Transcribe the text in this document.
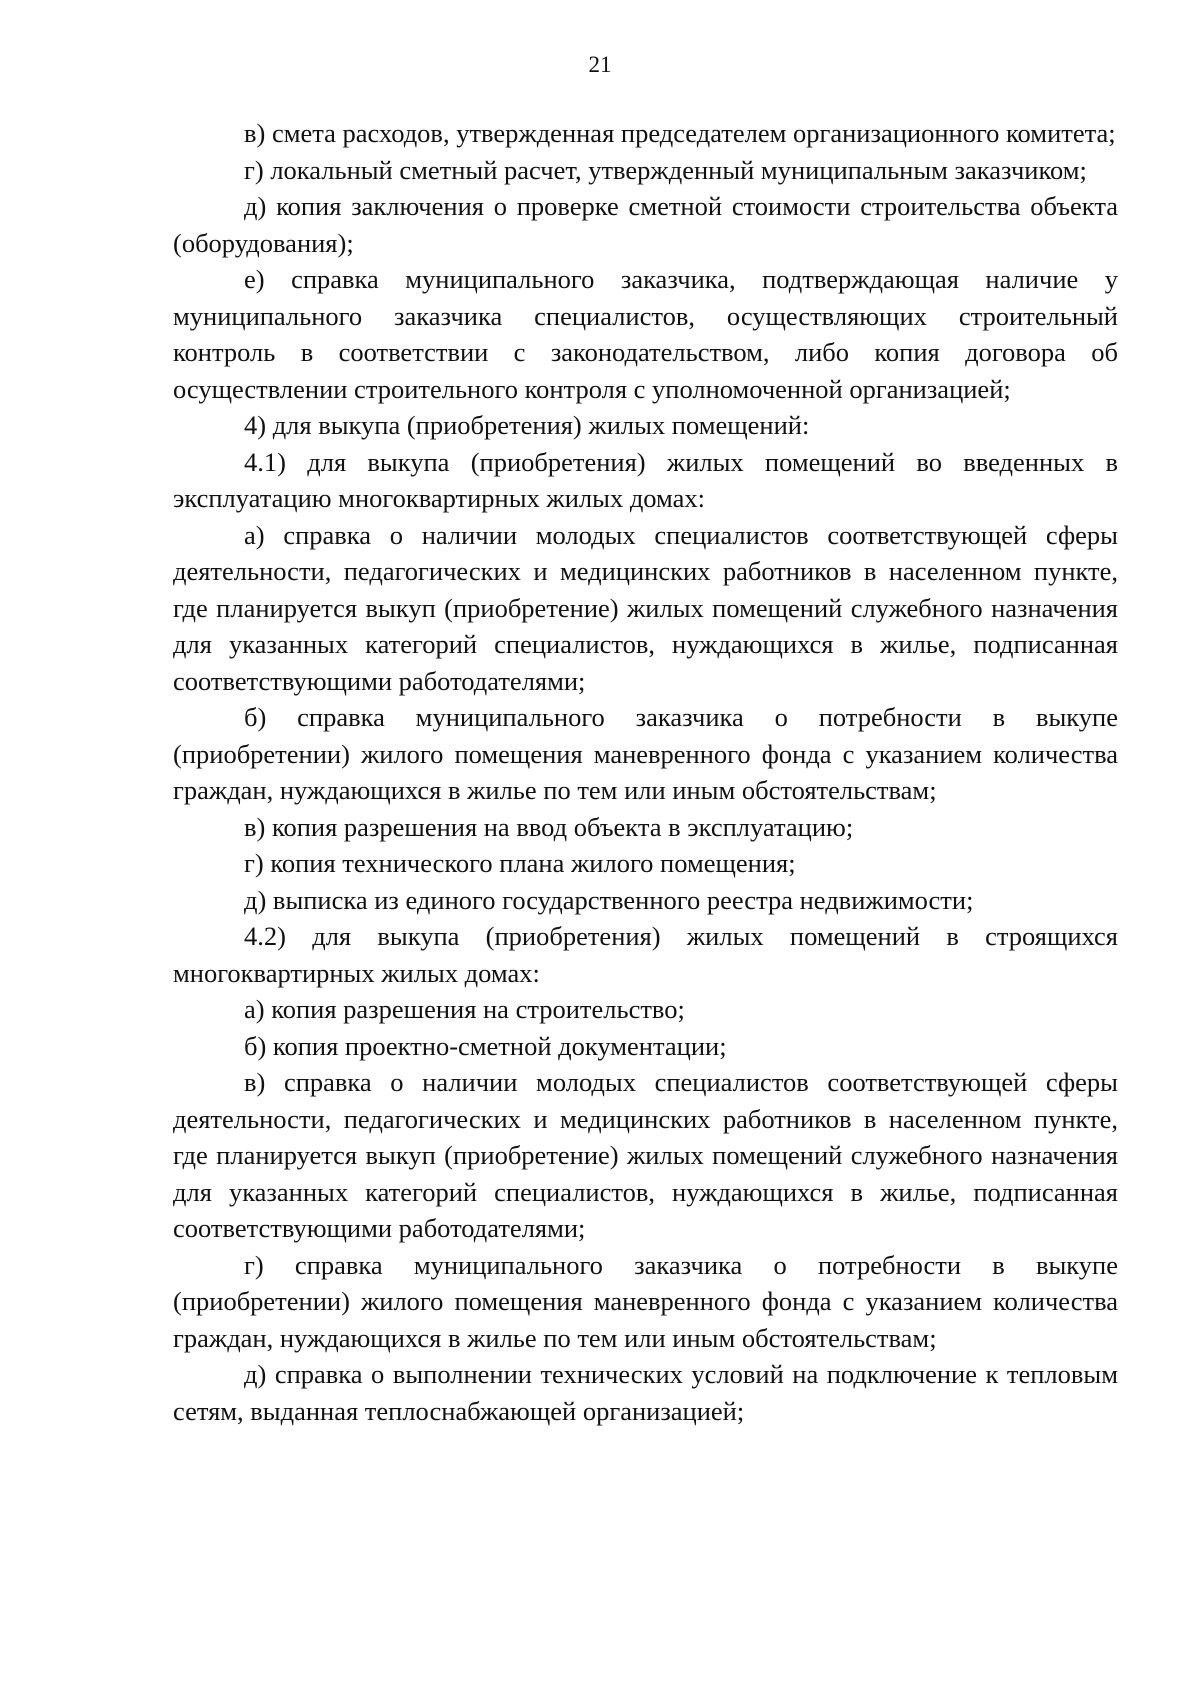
21

в) смета расходов, утвержденная председателем организационного комитета;

г) локальный сметный расчет, утвержденный муниципальным заказчиком;

д) копия заключения о проверке сметной стоимости строительства объекта (оборудования);

е) справка муниципального заказчика, подтверждающая наличие у муниципального заказчика специалистов, осуществляющих строительный контроль в соответствии с законодательством, либо копия договора об осуществлении строительного контроля с уполномоченной организацией;

4) для выкупа (приобретения) жилых помещений:

4.1) для выкупа (приобретения) жилых помещений во введенных в эксплуатацию многоквартирных жилых домах:

а) справка о наличии молодых специалистов соответствующей сферы деятельности, педагогических и медицинских работников в населенном пункте, где планируется выкуп (приобретение) жилых помещений служебного назначения для указанных категорий специалистов, нуждающихся в жилье, подписанная соответствующими работодателями;

б) справка муниципального заказчика о потребности в выкупе (приобретении) жилого помещения маневренного фонда с указанием количества граждан, нуждающихся в жилье по тем или иным обстоятельствам;

в) копия разрешения на ввод объекта в эксплуатацию;

г) копия технического плана жилого помещения;

д) выписка из единого государственного реестра недвижимости;

4.2) для выкупа (приобретения) жилых помещений в строящихся многоквартирных жилых домах:

а) копия разрешения на строительство;

б) копия проектно-сметной документации;

в) справка о наличии молодых специалистов соответствующей сферы деятельности, педагогических и медицинских работников в населенном пункте, где планируется выкуп (приобретение) жилых помещений служебного назначения для указанных категорий специалистов, нуждающихся в жилье, подписанная соответствующими работодателями;

г) справка муниципального заказчика о потребности в выкупе (приобретении) жилого помещения маневренного фонда с указанием количества граждан, нуждающихся в жилье по тем или иным обстоятельствам;

д) справка о выполнении технических условий на подключение к тепловым сетям, выданная теплоснабжающей организацией;
